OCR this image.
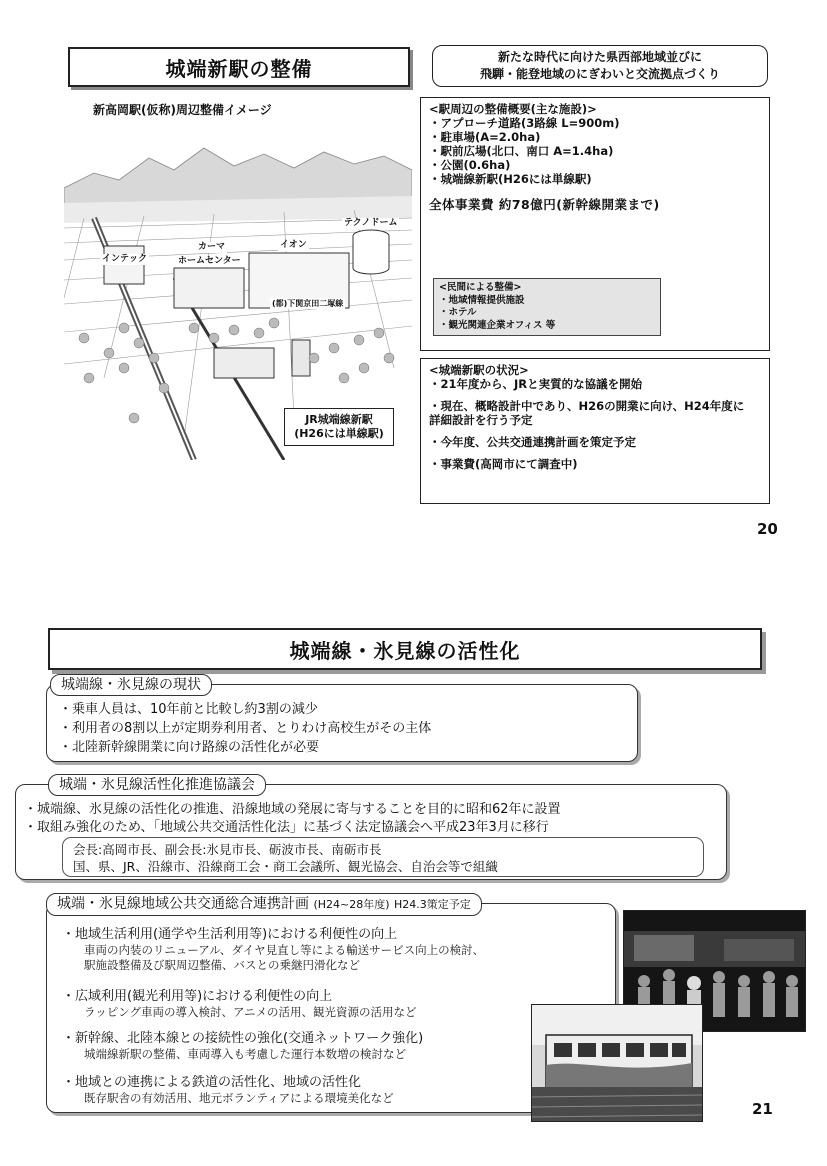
城端新駅の整備	新たな時代に向けた県西部地域並びに
飛騨・能登地域のにぎわいと交流拠点づくり
新高岡駅(仮称)周辺整備イメージ
インテック
カーマ
ホームセンター
イオン
テクノドーム
(都)下関京田二塚線
JR城端線新駅
(H26には単線駅)
<駅周辺の整備概要(主な施設)>
・アプローチ道路(3路線 L=900m)
・駐車場(A=2.0ha)
・駅前広場(北口、南口 A=1.4ha)
・公園(0.6ha)
・城端線新駅(H26には単線駅)
全体事業費 約78億円(新幹線開業まで)
<民間による整備>
・地域情報提供施設
・ホテル
・観光関連企業オフィス 等
<城端新駅の状況>
・21年度から、JRと実質的な協議を開始
・現在、概略設計中であり、H26の開業に向け、H24年度に
詳細設計を行う予定
・今年度、公共交通連携計画を策定予定
・事業費(高岡市にて調査中)
20
城端線・氷見線の活性化
・乗車人員は、10年前と比較し約3割の減少
・利用者の8割以上が定期券利用者、とりわけ高校生がその主体
・北陸新幹線開業に向け路線の活性化が必要
城端線・氷見線の現状
・城端線、氷見線の活性化の推進、沿線地域の発展に寄与することを目的に昭和62年に設置
・取組み強化のため、「地域公共交通活性化法」に基づく法定協議会へ平成23年3月に移行
会長:高岡市長、副会長:氷見市長、砺波市長、南砺市長
国、県、JR、沿線市、沿線商工会・商工会議所、観光協会、自治会等で組織
城端・氷見線活性化推進協議会
城端・氷見線地域公共交通総合連携計画 (H24~28年度) H24.3策定予定
・地域生活利用(通学や生活利用等)における利便性の向上
車両の内装のリニューアル、ダイヤ見直し等による輸送サービス向上の検討、
駅施設整備及び駅周辺整備、バスとの乗継円滑化など
・広域利用(観光利用等)における利便性の向上
ラッピング車両の導入検討、アニメの活用、観光資源の活用など
・新幹線、北陸本線との接続性の強化(交通ネットワーク強化)
城端線新駅の整備、車両導入も考慮した運行本数増の検討など
・地域との連携による鉄道の活性化、地域の活性化
既存駅舎の有効活用、地元ボランティアによる環境美化など
21
